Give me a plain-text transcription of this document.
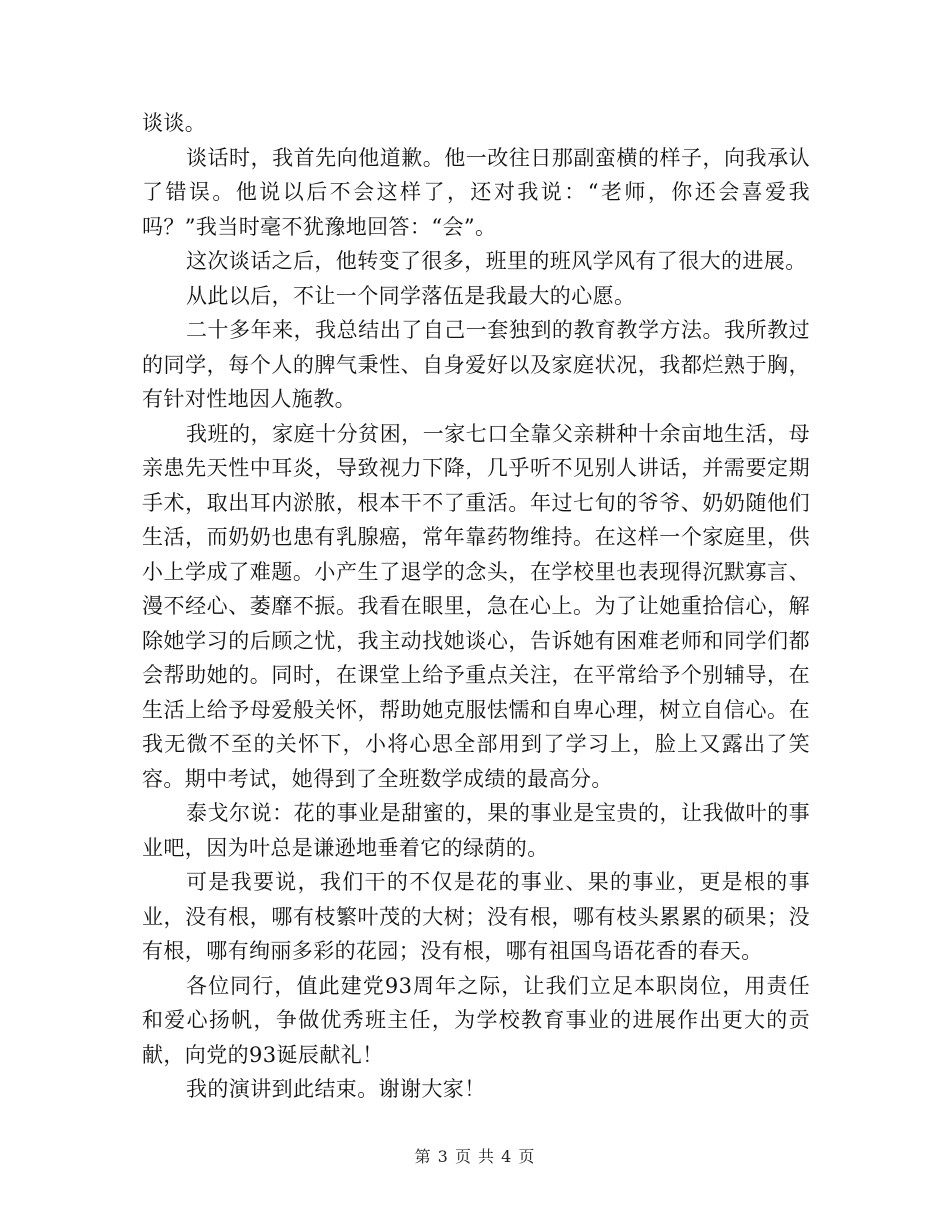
谈谈。

谈话时，我首先向他道歉。他一改往日那副蛮横的样子，向我承认了错误。他说以后不会这样了，还对我说：“老师，你还会喜爱我吗？”我当时毫不犹豫地回答：“会”。

这次谈话之后，他转变了很多，班里的班风学风有了很大的进展。

从此以后，不让一个同学落伍是我最大的心愿。

二十多年来，我总结出了自己一套独到的教育教学方法。我所教过的同学，每个人的脾气秉性、自身爱好以及家庭状况，我都烂熟于胸，有针对性地因人施教。

我班的，家庭十分贫困，一家七口全靠父亲耕种十余亩地生活，母亲患先天性中耳炎，导致视力下降，几乎听不见别人讲话，并需要定期手术，取出耳内淤脓，根本干不了重活。年过七旬的爷爷、奶奶随他们生活，而奶奶也患有乳腺癌，常年靠药物维持。在这样一个家庭里，供小上学成了难题。小产生了退学的念头，在学校里也表现得沉默寡言、漫不经心、萎靡不振。我看在眼里，急在心上。为了让她重拾信心，解除她学习的后顾之忧，我主动找她谈心，告诉她有困难老师和同学们都会帮助她的。同时，在课堂上给予重点关注，在平常给予个别辅导，在生活上给予母爱般关怀，帮助她克服怯懦和自卑心理，树立自信心。在我无微不至的关怀下，小将心思全部用到了学习上，脸上又露出了笑容。期中考试，她得到了全班数学成绩的最高分。

泰戈尔说：花的事业是甜蜜的，果的事业是宝贵的，让我做叶的事业吧，因为叶总是谦逊地垂着它的绿荫的。

可是我要说，我们干的不仅是花的事业、果的事业，更是根的事业，没有根，哪有枝繁叶茂的大树；没有根，哪有枝头累累的硕果；没有根，哪有绚丽多彩的花园；没有根，哪有祖国鸟语花香的春天。

各位同行，值此建党93周年之际，让我们立足本职岗位，用责任和爱心扬帆，争做优秀班主任，为学校教育事业的进展作出更大的贡献，向党的93诞辰献礼！

我的演讲到此结束。谢谢大家！

第 3 页 共 4 页
